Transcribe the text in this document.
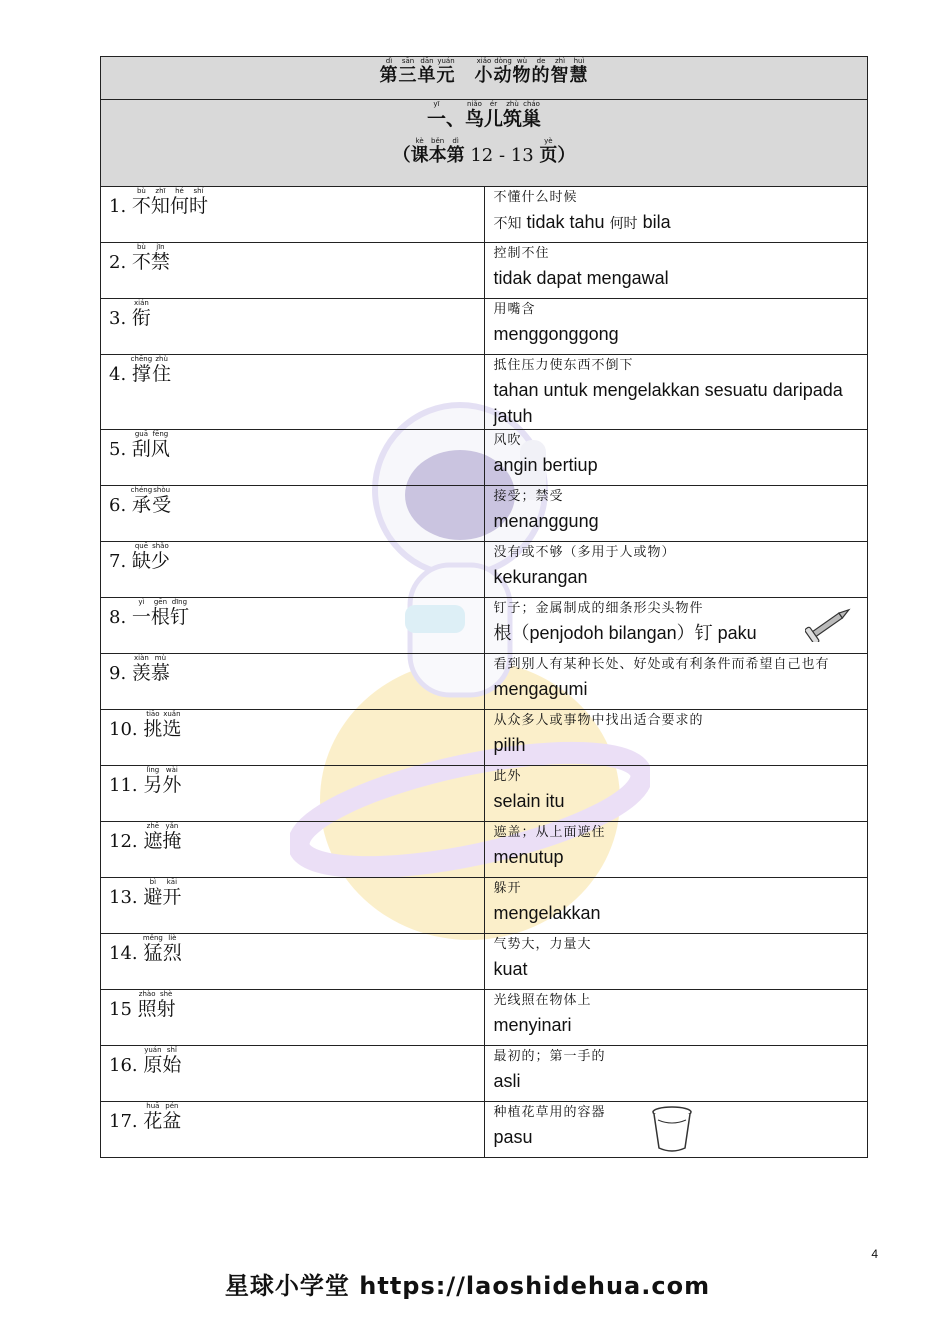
第dì三sān单dān元yuán　小xiǎo动dòng物wù的de智zhì慧huì	

一yī、鸟niǎo儿ér筑zhù巢cháo
（课kè本běn第dì 12 - 13 页yè）	

1. 不bù知zhī何hé时shí	不懂什么时候
不知 tidak tahu 何时 bila

2. 不bù禁jīn	控制不住
tidak dapat mengawal

3. 衔xián	用嘴含
menggonggong

4. 撑chēng住zhù	抵住压力使东西不倒下
tahan untuk mengelakkan sesuatu daripada jatuh

5. 刮guā风fēng	风吹
angin bertiup

6. 承chéng受shòu	接受；禁受
menanggung

7. 缺quē少shǎo	没有或不够（多用于人或物）
kekurangan

8. 一yì根gēn钉dīng	钉子；金属制成的细条形尖头物件
根（penjodoh bilangan）钉 paku

9. 羡xiàn慕mù	看到别人有某种长处、好处或有利条件而希望自己也有
mengagumi

10. 挑tiāo选xuǎn	从众多人或事物中找出适合要求的
pilih

11. 另lìng外wài	此外
selain itu

12. 遮zhē掩yǎn	遮盖；从上面遮住
menutup

13. 避bì开kāi	躲开
mengelakkan

14. 猛měng烈liè	气势大，力量大
kuat

15 照zhào射shè	光线照在物体上
menyinari

16. 原yuán始shǐ	最初的；第一手的
asli

17. 花huā盆pén	种植花草用的容器
pasu
4
星球小学堂 https://laoshidehua.com
